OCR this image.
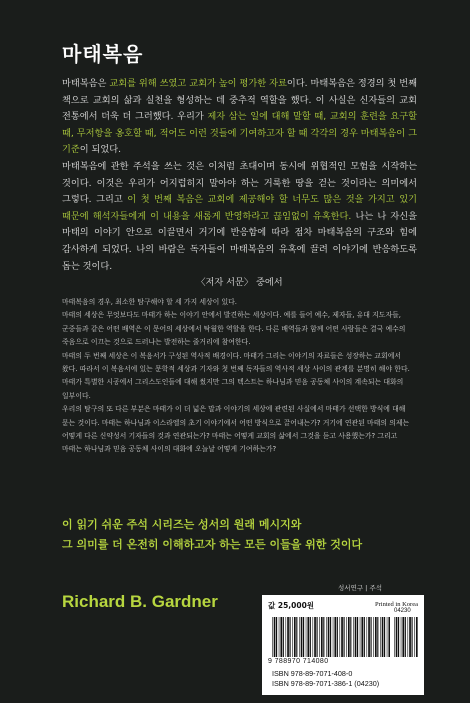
마태복음

마태복음은 교회를 위해 쓰였고 교회가 높이 평가한 자료이다. 마태복음은 정경의 첫 번째 책으로 교회의 삶과 실천을 형성하는 데 중추적 역할을 했다. 이 사실은 신자들의 교회 전통에서 더욱 더 그러했다. 우리가 제자 삼는 일에 대해 말할 때, 교회의 훈련을 요구할 때, 무저항을 옹호할 때, 적어도 이런 것들에 기여하고자 할 때 각각의 경우 마태복음이 그 기준이 되었다.

마태복음에 관한 주석을 쓰는 것은 이처럼 초대이며 동시에 위협적인 모험을 시작하는 것이다. 이것은 우리가 어지럽히지 말아야 하는 거룩한 땅을 걷는 것이라는 의미에서 그렇다. 그리고 이 첫 번째 복음은 교회에 제공해야 할 너무도 많은 것을 가지고 있기 때문에 해석자들에게 이 내용을 새롭게 반영하라고 끊임없이 유혹한다. 나는 나 자신을 마태의 이야기 안으로 이끌면서 거기에 반응함에 따라 점차 마태복음의 구조와 힘에 감사하게 되었다. 나의 바람은 독자들이 마태복음의 유혹에 끌려 이야기에 반응하도록 돕는 것이다.

〈저자 서문〉 중에서

마태복음의 경우, 최소한 탐구해야 할 세 가지 세상이 있다.

마태의 세상은 무엇보다도 마태가 하는 이야기 안에서 발견하는 세상이다. 예를 들어 예수, 제자들, 유대 지도자들, 군중들과 같은 어떤 배역은 이 문어의 세상에서 탁월한 역할을 한다. 다른 배역들과 함께 어떤 사람들은 결국 예수의 죽음으로 이끄는 것으로 드러나는 발전하는 줄거리에 참여한다.

마태의 두 번째 세상은 이 복음서가 구성된 역사적 배경이다. 마태가 그리는 이야기의 자료들은 성장하는 교회에서 왔다. 따라서 이 복음서에 있는 문학적 세상과 기자와 첫 번째 독자들의 역사적 세상 사이의 관계를 분명히 해야 한다. 마태가 특별한 시공에서 그리스도인들에 대해 썼지만 그의 텍스트는 하나님과 믿음 공동체 사이의 계속되는 대화의 일부이다.

우리의 탐구의 또 다른 부분은 마태가 이 더 넓은 말과 이야기의 세상에 관련된 사실에서 마태가 선택한 방식에 대해 묻는 것이다. 마태는 하나님과 이스라엘의 초기 이야기에서 어떤 방식으로 끌어내는가? 거기에 연관된 마태의 의제는 어떻게 다른 신약성서 기자들의 것과 연관되는가? 마태는 어떻게 교회의 삶에서 그것을 듣고 사용했는가? 그리고 마태는 하나님과 믿음 공동체 사이의 대화에 오늘날 어떻게 기여하는가?

이 읽기 쉬운 주석 시리즈는 성서의 원래 메시지와
그 의미를 더 온전히 이해하고자 하는 모든 이들을 위한 것이다
Richard B. Gardner
성서연구 | 주석
값 25,000원	Printed in Korea
04230
9 788970 714080
ISBN 978-89-7071-408-0
ISBN 978-89-7071-386-1 (04230)
